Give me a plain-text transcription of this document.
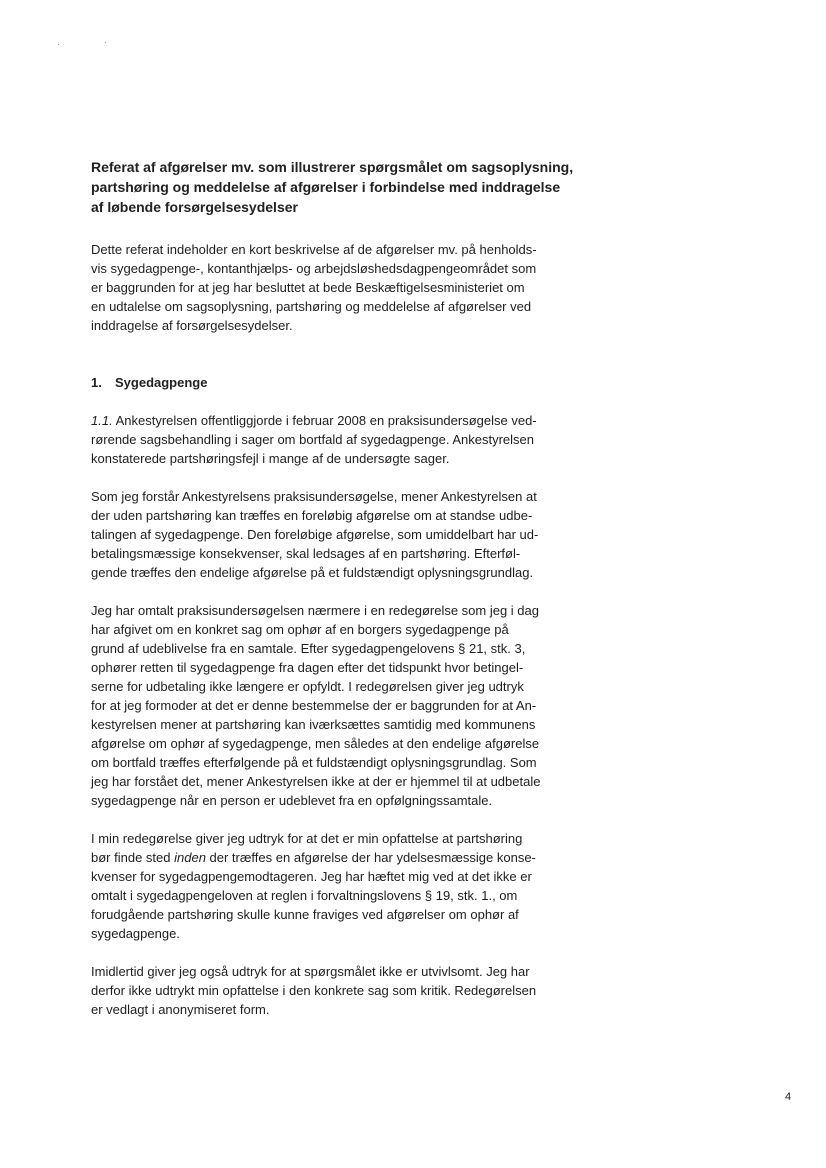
Referat af afgørelser mv. som illustrerer spørgsmålet om sagsoplysning,
partshøring og meddelelse af afgørelser i forbindelse med inddragelse
af løbende forsørgelsesydelser

Dette referat indeholder en kort beskrivelse af de afgørelser mv. på henholds-
vis sygedagpenge-, kontanthjælps- og arbejdsløshedsdagpengeområdet som
er baggrunden for at jeg har besluttet at bede Beskæftigelsesministeriet om
en udtalelse om sagsoplysning, partshøring og meddelelse af afgørelser ved
inddragelse af forsørgelsesydelser.

1. Sygedagpenge

1.1. Ankestyrelsen offentliggjorde i februar 2008 en praksisundersøgelse ved-
rørende sagsbehandling i sager om bortfald af sygedagpenge. Ankestyrelsen
konstaterede partshøringsfejl i mange af de undersøgte sager.

Som jeg forstår Ankestyrelsens praksisundersøgelse, mener Ankestyrelsen at
der uden partshøring kan træffes en foreløbig afgørelse om at standse udbe-
talingen af sygedagpenge. Den foreløbige afgørelse, som umiddelbart har ud-
betalingsmæssige konsekvenser, skal ledsages af en partshøring. Efterføl-
gende træffes den endelige afgørelse på et fuldstændigt oplysningsgrundlag.

Jeg har omtalt praksisundersøgelsen nærmere i en redegørelse som jeg i dag
har afgivet om en konkret sag om ophør af en borgers sygedagpenge på
grund af udeblivelse fra en samtale. Efter sygedagpengelovens § 21, stk. 3,
ophører retten til sygedagpenge fra dagen efter det tidspunkt hvor betingel-
serne for udbetaling ikke længere er opfyldt. I redegørelsen giver jeg udtryk
for at jeg formoder at det er denne bestemmelse der er baggrunden for at An-
kestyrelsen mener at partshøring kan iværksættes samtidig med kommunens
afgørelse om ophør af sygedagpenge, men således at den endelige afgørelse
om bortfald træffes efterfølgende på et fuldstændigt oplysningsgrundlag. Som
jeg har forstået det, mener Ankestyrelsen ikke at der er hjemmel til at udbetale
sygedagpenge når en person er udeblevet fra en opfølgningssamtale.

I min redegørelse giver jeg udtryk for at det er min opfattelse at partshøring
bør finde sted inden der træffes en afgørelse der har ydelsesmæssige konse-
kvenser for sygedagpengemodtageren. Jeg har hæftet mig ved at det ikke er
omtalt i sygedagpengeloven at reglen i forvaltningslovens § 19, stk. 1., om
forudgående partshøring skulle kunne fraviges ved afgørelser om ophør af
sygedagpenge.

Imidlertid giver jeg også udtryk for at spørgsmålet ikke er utvivlsomt. Jeg har
derfor ikke udtrykt min opfattelse i den konkrete sag som kritik. Redegørelsen
er vedlagt i anonymiseret form.

4
